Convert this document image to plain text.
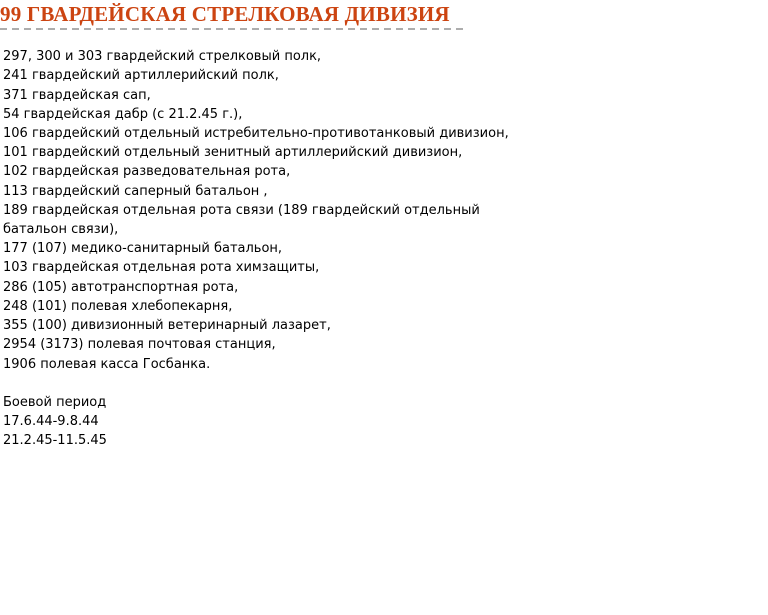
99 ГВАРДЕЙСКАЯ СТРЕЛКОВАЯ ДИВИЗИЯ
297, 300 и 303 гвардейский стрелковый полк,
241 гвардейский артиллерийский полк,
371 гвардейская сап,
54 гвардейская дабр (с 21.2.45 г.),
106 гвардейский отдельный истребительно-противотанковый дивизион,
101 гвардейский отдельный зенитный артиллерийский дивизион,
102 гвардейская разведовательная рота,
113 гвардейский саперный батальон ,
189 гвардейская отдельная рота связи (189 гвардейский отдельный
батальон связи),
177 (107) медико-санитарный батальон,
103 гвардейская отдельная рота химзащиты,
286 (105) автотранспортная рота,
248 (101) полевая хлебопекарня,
355 (100) дивизионный ветеринарный лазарет,
2954 (3173) полевая почтовая станция,
1906 полевая касса Госбанка.
Боевой период
17.6.44-9.8.44
21.2.45-11.5.45
